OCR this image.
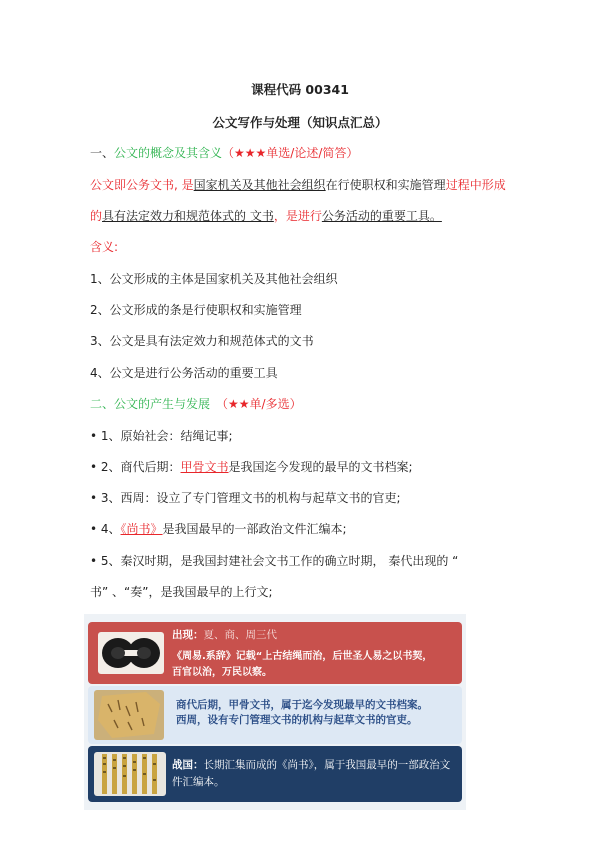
课程代码 00341
公文写作与处理（知识点汇总）
一、公文的概念及其含义（★★★单选/论述/简答）
公文即公务文书, 是国家机关及其他社会组织在行使职权和实施管理过程中形成
的具有法定效力和规范体式的 文书，是进行公务活动的重要工具。
含义:
1、公文形成的主体是国家机关及其他社会组织
2、公文形成的条是行使职权和实施管理
3、公文是具有法定效力和规范体式的文书
4、公文是进行公务活动的重要工具
二、公文的产生与发展 （★★单/多选）
• 1、原始社会：结绳记事;
• 2、商代后期：甲骨文书是我国迄今发现的最早的文书档案;
• 3、西周：设立了专门管理文书的机构与起草文书的官吏;
• 4、《尚书》是我国最早的一部政治文件汇编本;
• 5、秦汉时期，是我国封建社会文书工作的确立时期， 秦代出现的 “
书” 、“奏”，是我国最早的上行文;
出现：夏、商、周三代
《周易.系辞》记载“上古结绳而治，后世圣人易之以书契，
百官以治，万民以察。
商代后期，甲骨文书，属于迄今发现最早的文书档案。
西周，设有专门管理文书的机构与起草文书的官吏。
战国：长期汇集而成的《尚书》，属于我国最早的一部政治文
件汇编本。
